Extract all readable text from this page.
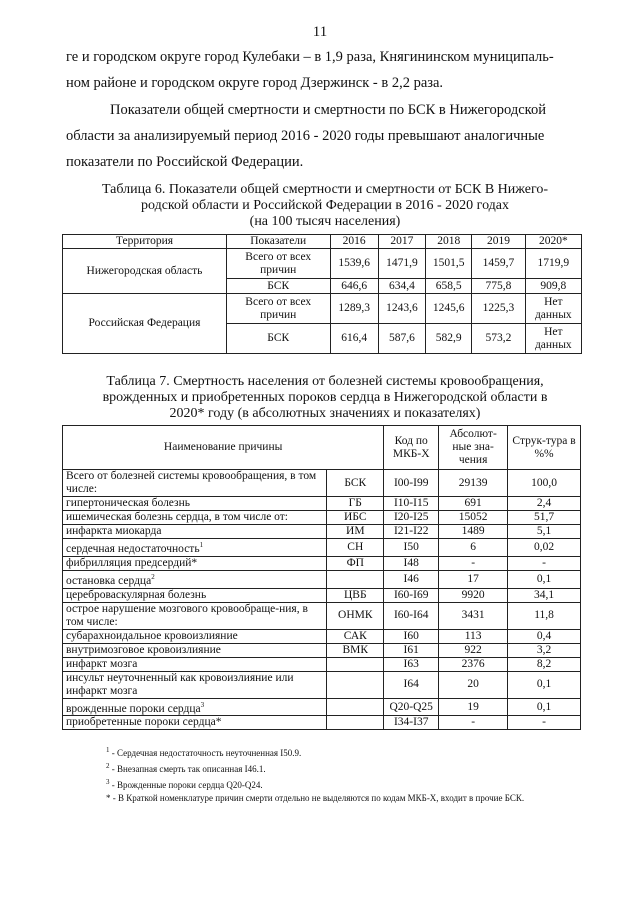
11
ге и городском округе город Кулебаки – в 1,9 раза, Княгининском муниципаль-
ном районе и городском округе город Дзержинск - в 2,2 раза.
Показатели общей смертности и смертности по БСК в Нижегородской
области за анализируемый период 2016 - 2020 годы превышают аналогичные
показатели по Российской Федерации.
Таблица 6. Показатели общей смертности и смертности от БСК В Нижего-
родской области и Российской Федерации в 2016 - 2020 годах
(на 100 тысяч населения)
Территория	Показатели	2016	2017	2018	2019	2020*
Нижегородская область	Всего от всех причин	1539,6	1471,9	1501,5	1459,7	1719,9
	БСК	646,6	634,4	658,5	775,8	909,8
Российская Федерация	Всего от всех причин	1289,3	1243,6	1245,6	1225,3	Нет данных
	БСК	616,4	587,6	582,9	573,2	Нет данных
Таблица 7. Смертность населения от болезней системы кровообращения,
врожденных и приобретенных пороков сердца в Нижегородской области в
2020* году (в абсолютных значениях и показателях)
Наименование причины		Код по МКБ-Х	Абсолют-ные зна-чения	Струк-тура в %%
Всего от болезней системы кровообращения, в том числе:	БСК	I00-I99	29139	100,0
гипертоническая болезнь	ГБ	I10-I15	691	2,4
ишемическая болезнь сердца, в том числе от:	ИБС	I20-I25	15052	51,7
инфаркта миокарда	ИМ	I21-I22	1489	5,1
сердечная недостаточность$^1$	СН	I50	6	0,02
фибрилляция предсердий*	ФП	I48	-	-
остановка сердца$^2$		I46	17	0,1
цереброваскулярная болезнь	ЦВБ	I60-I69	9920	34,1
острое нарушение мозгового кровообраще-ния, в том числе:	ОНМК	I60-I64	3431	11,8
субарахноидальное кровоизлияние	САК	I60	113	0,4
внутримозговое кровоизлияние	ВМК	I61	922	3,2
инфаркт мозга		I63	2376	8,2
инсульт неуточненный как кровоизлияние или инфаркт мозга		I64	20	0,1
врожденные пороки сердца$^3$		Q20-Q25	19	0,1
приобретенные пороки сердца*		I34-I37	-	-
$^1$ - Сердечная недостаточность неуточненная I50.9.
$^2$ - Внезапная смерть так описанная I46.1.
$^3$ - Врожденные пороки сердца Q20-Q24.
* - В Краткой номенклатуре причин смерти отдельно не выделяются по кодам МКБ-Х, входит в прочие БСК.
